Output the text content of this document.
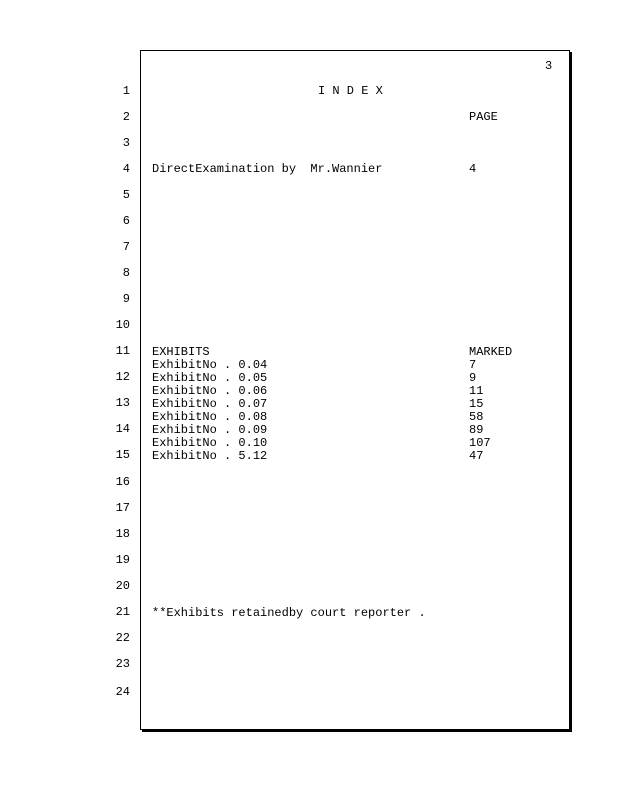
3
I N D E X
PAGE
1
2
3
4
5
6
7
8
9
10
11
12
13
14
15
16
17
18
19
20
21
22
23
24
DirectExamination by  Mr.Wannier	4
EXHIBITS	MARKED
ExhibitNo . 0.04	7
ExhibitNo . 0.05	9
ExhibitNo . 0.06	11
ExhibitNo . 0.07	15
ExhibitNo . 0.08	58
ExhibitNo . 0.09	89
ExhibitNo . 0.10	107
ExhibitNo . 5.12	47
**Exhibits retainedby court reporter .
